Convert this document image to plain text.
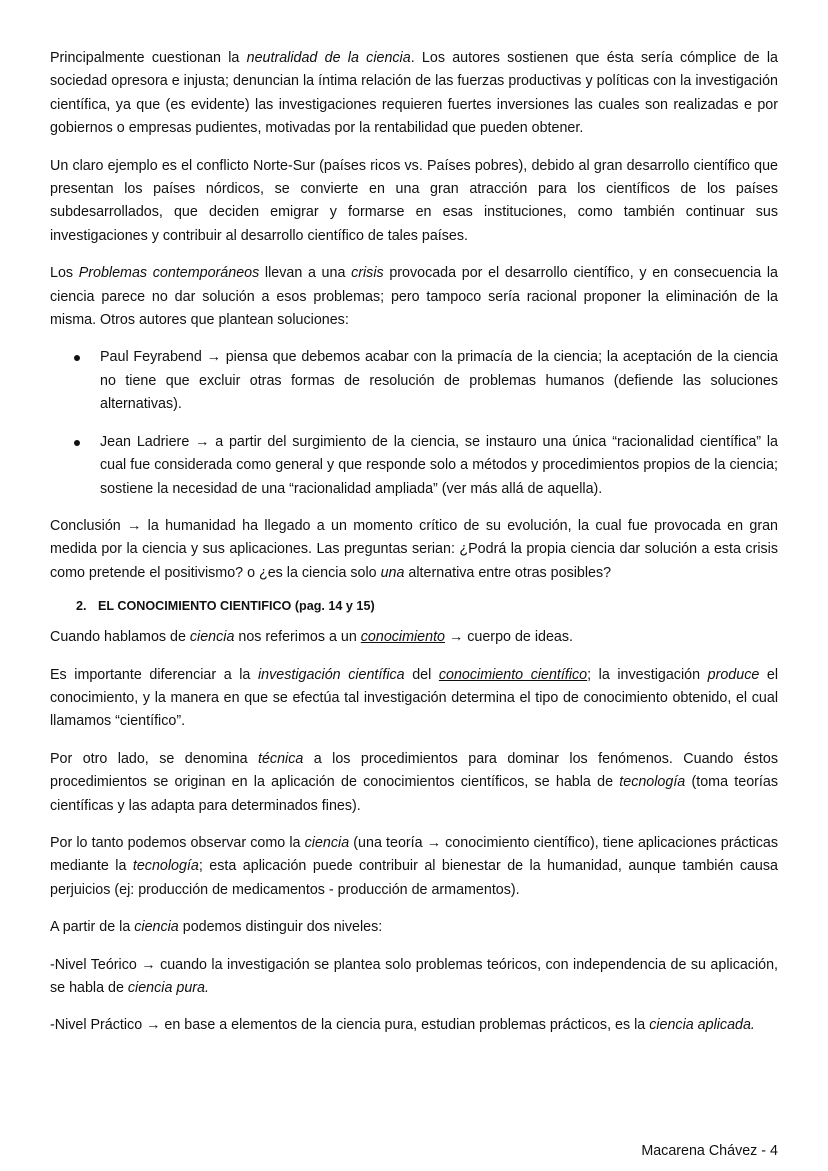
Principalmente cuestionan la neutralidad de la ciencia. Los autores sostienen que ésta sería cómplice de la sociedad opresora e injusta; denuncian la íntima relación de las fuerzas productivas y políticas con la investigación científica, ya que (es evidente) las investigaciones requieren fuertes inversiones las cuales son realizadas e por gobiernos o empresas pudientes, motivadas por la rentabilidad que pueden obtener.

Un claro ejemplo es el conflicto Norte-Sur (países ricos vs. Países pobres), debido al gran desarrollo científico que presentan los países nórdicos, se convierte en una gran atracción para los científicos de los países subdesarrollados, que deciden emigrar y formarse en esas instituciones, como también continuar sus investigaciones y contribuir al desarrollo científico de tales países.

Los Problemas contemporáneos llevan a una crisis provocada por el desarrollo científico, y en consecuencia la ciencia parece no dar solución a esos problemas; pero tampoco sería racional proponer la eliminación de la misma. Otros autores que plantean soluciones:

Paul Feyrabend → piensa que debemos acabar con la primacía de la ciencia; la aceptación de la ciencia no tiene que excluir otras formas de resolución de problemas humanos (defiende las soluciones alternativas).
Jean Ladriere → a partir del surgimiento de la ciencia, se instauro una única “racionalidad científica” la cual fue considerada como general y que responde solo a métodos y procedimientos propios de la ciencia; sostiene la necesidad de una “racionalidad ampliada” (ver más allá de aquella).

Conclusión → la humanidad ha llegado a un momento crítico de su evolución, la cual fue provocada en gran medida por la ciencia y sus aplicaciones. Las preguntas serian: ¿Podrá la propia ciencia dar solución a esta crisis como pretende el positivismo? o ¿es la ciencia solo una alternativa entre otras posibles?

2. EL CONOCIMIENTO CIENTIFICO (pag. 14 y 15)

Cuando hablamos de ciencia nos referimos a un conocimiento → cuerpo de ideas.

Es importante diferenciar a la investigación científica del conocimiento científico; la investigación produce el conocimiento, y la manera en que se efectúa tal investigación determina el tipo de conocimiento obtenido, el cual llamamos “científico”.

Por otro lado, se denomina técnica a los procedimientos para dominar los fenómenos. Cuando éstos procedimientos se originan en la aplicación de conocimientos científicos, se habla de tecnología (toma teorías científicas y las adapta para determinados fines).

Por lo tanto podemos observar como la ciencia (una teoría → conocimiento científico), tiene aplicaciones prácticas mediante la tecnología; esta aplicación puede contribuir al bienestar de la humanidad, aunque también causa perjuicios (ej: producción de medicamentos - producción de armamentos).

A partir de la ciencia podemos distinguir dos niveles:

-Nivel Teórico → cuando la investigación se plantea solo problemas teóricos, con independencia de su aplicación, se habla de ciencia pura.

-Nivel Práctico → en base a elementos de la ciencia pura, estudian problemas prácticos, es la ciencia aplicada.

Macarena Chávez - 4
